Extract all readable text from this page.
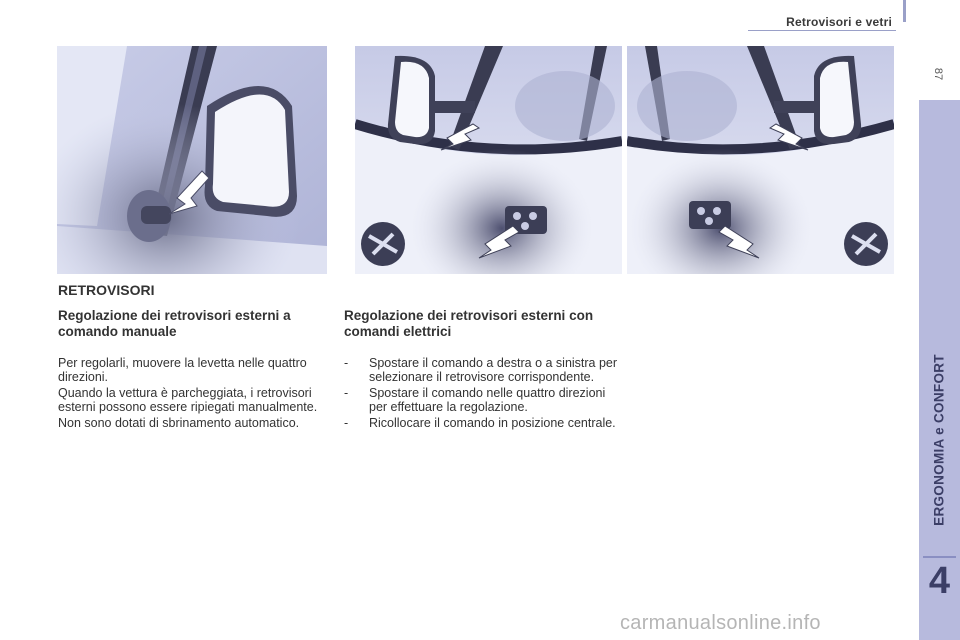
Retrovisori e vetri
87
ERGONOMIA e CONFORT
4
RETROVISORI
Regolazione dei retrovisori esterni a comando manuale
Regolazione dei retrovisori esterni con comandi elettrici

Per regolarli, muovere la levetta nelle quattro direzioni.

Quando la vettura è parcheggiata, i retrovisori esterni possono essere ripiegati manualmente.

Non sono dotati di sbrinamento automatico.

-	Spostare il comando a destra o a sinistra per selezionare il retrovisore corrispondente.
-	Spostare il comando nelle quattro direzioni per effettuare la regolazione.
-	Ricollocare il comando in posizione centrale.
carmanualsonline.info
